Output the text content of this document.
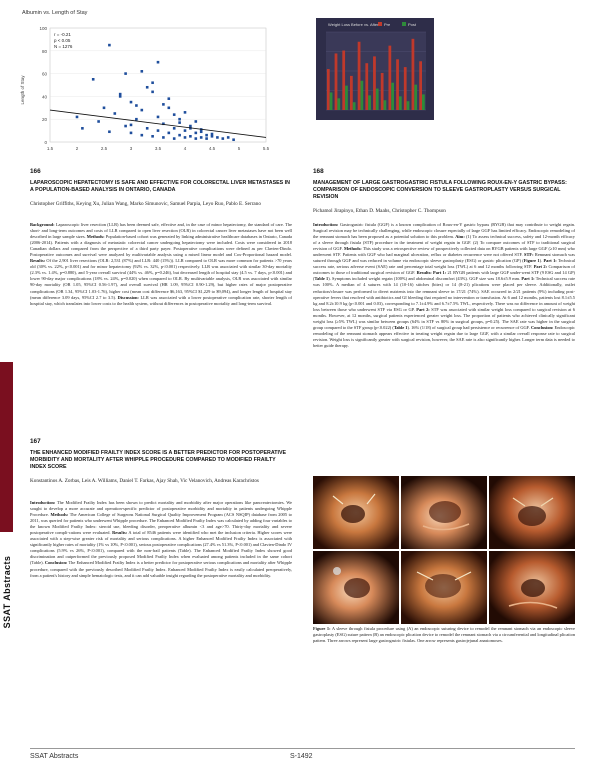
SSAT Abstracts
0
20
40
60
80
100
1.5	2	2.5	3	3.5	4	4.5	5	5.5
Length of Stay
r = -0.21
p < 0.05
N = 1276
Albumin vs. Length of Stay
Pre	Post
Weight Loss Before vs. After
166
LAPAROSCOPIC HEPATECTOMY IS SAFE AND EFFECTIVE FOR COLORECTAL LIVER METASTASES IN A POPULATION-BASED ANALYSIS IN ONTARIO, CANADA
Christopher Griffiths, Keying Xu, Julian Wang, Marko Simunovic, Samuel Parpia, Leyo Ruo, Pablo E. Serrano
Background: Laparoscopic liver resection (LLR) has been deemed safe, effective and, in the case of minor hepatectomy, the standard of care. The short- and long-term outcomes and costs of LLR compared to open liver resection (OLR) in colorectal cancer liver metastases have not been well described in large sample sizes. Methods: Population-based cohort was generated by linking administrative healthcare databases in Ontario, Canada (2006-2014). Patients with a diagnosis of metastatic colorectal cancer undergoing hepatectomy were included. Costs were considered in 2018 Canadian dollars and compared from the perspective of a third party payer. Postoperative complications were defined as per Clavien-Dindo. Postoperative outcomes and survival were analyzed by multivariable analysis using a mixed linear model and Cox-Proportional hazard model. Results: Of the 2,901 liver resections (OLR: 2,531 (87%) and LLR: 440 (15%)). LLR compared to OLR was more common for patients >70 years old (30% vs. 22%, p<0.001) and for minor hepatectomy (92% vs. 32%, p<0.001) respectively. LLR was associated with similar 30-day mortality (2.3% vs. 1.4%, p=0.880), and 5-year overall survival (44% vs. 46%, p=0.246), but decreased length of hospital stay (4.5 vs. 7 days, p<0.001) and lower 90-day major complications (18% vs. 24%, p=0.020) when compared to OLR. By multivariable analysis, OLR was associated with similar 90-day mortality (OR 1.05, 95%CI 0.56-1.97), and overall survival (HR 1.09, 95%CI 0.90-1.29), but higher rates of major postoperative complications (OR 1.34, 95%CI 1.03-1.76), higher cost (mean cost difference $6,163, 95%CI $1,229 to $9,094), and longer length of hospital stay (mean difference 3.09 days, 95%CI 2.7 to 3.5). Discussion: LLR was associated with a lower postoperative complication rate, shorter length of hospital stay, which translates into lower costs to the health system, without differences in postoperative mortality and long-term survival.
167
THE ENHANCED MODIFIED FRAILTY INDEX SCORE IS A BETTER PREDICTOR FOR POSTOPERATIVE MORBIDITY AND MORTALITY AFTER WHIPPLE PROCEDURE COMPARED TO MODIFIED FRAILTY INDEX SCORE
Konstantinos A. Zorbas, Leis A. Williams, Daniel T. Farkas, Ajay Shah, Vic Velanovich, Andreas Karachristos
Introduction: The Modified Frailty Index has been shown to predict mortality and morbidity after major operations like pancreatectomies. We sought to develop a more accurate and operation-specific predictor of postoperative morbidity and mortality in patients undergoing Whipple Procedure. Methods: The American College of Surgeons National Surgical Quality Improvement Program (ACS NSQIP) database from 2005 to 2011, was queried for patients who underwent Whipple procedure. The Enhanced Modified Frailty Index was calculated by adding four variables to the known Modified Frailty Index: steroid use, bleeding disorder, preoperative albumin <3 and age>70. Thirty-day mortality and severe postoperative compli-cations were evaluated. Results: A total of 8546 patients were identified who met the inclusion criteria. Higher scores were associated with a step-wise greater risk of mortality and serious complications. A higher Enhanced Modified Frailty Index is associated with significantly higher rates of mortality (1% vs 10%, P<0.001), serious postoperative complications (27.4% vs 51.3%, P<0.001) and Clavien-Dindo IV complications (5.9% vs 26%, P<0.001), compared with the non-frail patients (Table). The Enhanced Modified Frailty Index showed good discrimination and outperformed the previously proposed Modified Frailty Index when evaluated among patients included in the same cohort (Table). Conclusion: The Enhanced Modified Frailty Index is a better predictor for postoperative serious complications and mortality after Whipple procedure, compared with the previously described Modified Frailty Index. Enhanced Modified Frailty Index is easily calculated preoperatively, from a patient's history and simple hematologic tests, and it can add valuable insight regarding the postoperative mortality and morbidity.
168
MANAGEMENT OF LARGE GASTROGASTRIC FISTULA FOLLOWING ROUX-EN-Y GASTRIC BYPASS: COMPARISON OF ENDOSCOPIC CONVERSION TO SLEEVE GASTROPLASTY VERSUS SURGICAL REVISION
Pichamol Jirapinyo, Ethan D. Maahs, Christopher C. Thompson
Introduction: Gastrogastric fistula (GGF) is a known complication of Roux-en-Y gastric bypass (RYGB) that may contribute to weight regain. Surgical revision may be technically challenging, while endoscopic closure especially of large GGF has limited efficacy. Endoscopic remodeling of the remnant stomach has been proposed as a potential solution to this problem. Aim: (1) To assess technical success, safety and 12-month efficacy of a sleeve through fistula (STF) procedure in the treatment of weight regain in GGF. (2) To compare outcomes of STF to traditional surgical revision of GGF. Methods: This study was a retrospective review of prospectively collected data on RYGB patients with large GGF (≥10 mm) who underwent STF. Patients with GGF who had marginal ulceration, reflux or diabetes recurrence were not offered STF. STF: Remnant stomach was sutured through GGF and was reduced in volume via endoscopic sleeve gastroplasty (ESG) or gastric plication (GP) (Figure 1). Part 1: Technical success rate, serious adverse event (SAE) rate and percentage total weight loss (TWL) at 6 and 12 months following STF. Part 2: Comparison of outcomes to those of traditional surgical revision of GGF. Results: Part 1: 21 RYGB patients with large GGF under-went STF (9 ESG and 14 GP) (Table 1). Symptoms included weight regain (100%) and abdominal discomfort (43%). GGF size was 18.6±5.9 mm. Part 1: Technical success rate was 100%. A median of 4 sutures with 14 (10-16) stitches (bites) or 14 (8-21) plications were placed per sleeve. Additionally, outlet reduction/closure was performed to divert nutrients into the remnant sleeve in 17/21 (74%). SAE occurred in 2/21 patients (9%) including post-operative fevers that resolved with antibiotics and GI bleeding that required no intervention or transfusion. At 6 and 12 months, patients lost 8.1±5.5 kg and 8.2±10.9 kg (p<0.001 and 0.03), corresponding to 7.1±4.9% and 6.7±7.5% TWL, respectively. There was no difference in amount of weight loss between those who underwent STF via ESG or GP. Part 2: STF was associated with similar weight loss compared to surgical revision at 6 months. However, at 12 months, surgical patients experienced greater weight loss. The proportion of patients who achieved clinically significant weight loss (≥5% TWL) was similar between groups (64% in STF vs 80% in surgical groups, p=0.25). The SAE rate was higher in the surgical group compared to the STF group (p<0.022) (Table 1). 16% (1/18) of surgical group had persistence or recurrence of GGF. Conclusion: Endoscopic remodeling of the remnant stomach appears effective in treating weight regain due to large GGF, with a similar overall response rate to surgical revision. Weight loss is significantly greater with surgical revision, however, the SAE rate is also significantly higher. Longer term data is needed to better guide therapy.
Figure 1: A sleeve through fistula procedure using (A) an endoscopic suturing device to remodel the remnant stomach via an endoscopic sleeve gastroplasty (ESG) suture pattern (B) an endoscopic plication device to remodel the remnant stomach via a circumferential and longitudinal plication pattern. Three arrows represent large gastrogastric fistulas. One arrow represents gastrojejunal anastomoses.
SSAT Abstracts	S-1492
